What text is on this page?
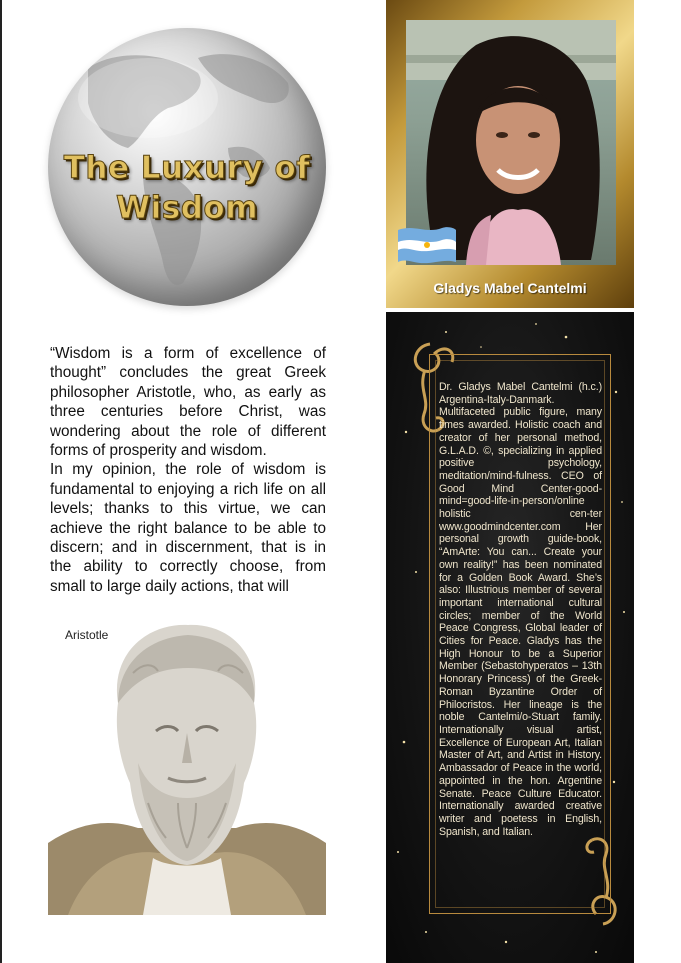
The Luxury of
Wisdom
Gladys Mabel Cantelmi

“Wisdom is a form of excellence of thought” concludes the great Greek philosopher Aristotle, who, as early as three centuries before Christ, was wondering about the role of different forms of prosperity and wisdom.

In my opinion, the role of wisdom is fundamental to enjoying a rich life on all levels; thanks to this virtue, we can achieve the right balance to be able to discern; and in discernment, that is in the ability to correctly choose, from small to large daily actions, that will

Aristotle

Dr. Gladys Mabel Cantelmi (h.c.) Argentina-Italy-Danmark. Multifaceted public figure, many times awarded. Holistic coach and creator of her personal method, G.L.A.D. ©, specializing in applied positive psychology, meditation/mind-fulness. CEO of Good Mind Center-good-mind=good-life-in-person/online holistic cen-ter www.goodmindcenter.com Her personal growth guide-book, “AmArte: You can... Create your own reality!” has been nominated for a Golden Book Award. She’s also: Illustrious member of several important international cultural circles; member of the World Peace Congress, Global leader of Cities for Peace. Gladys has the High Honour to be a Superior Member (Sebastohyperatos – 13th Honorary Princess) of the Greek-Roman Byzantine Order of Philocristos. Her lineage is the noble Cantelmi/o-Stuart family. Internationally visual artist, Excellence of European Art, Italian Master of Art, and Artist in History. Ambassador of Peace in the world, appointed in the hon. Argentine Senate. Peace Culture Educator. Internationally awarded creative writer and poetess in English, Spanish, and Italian.
